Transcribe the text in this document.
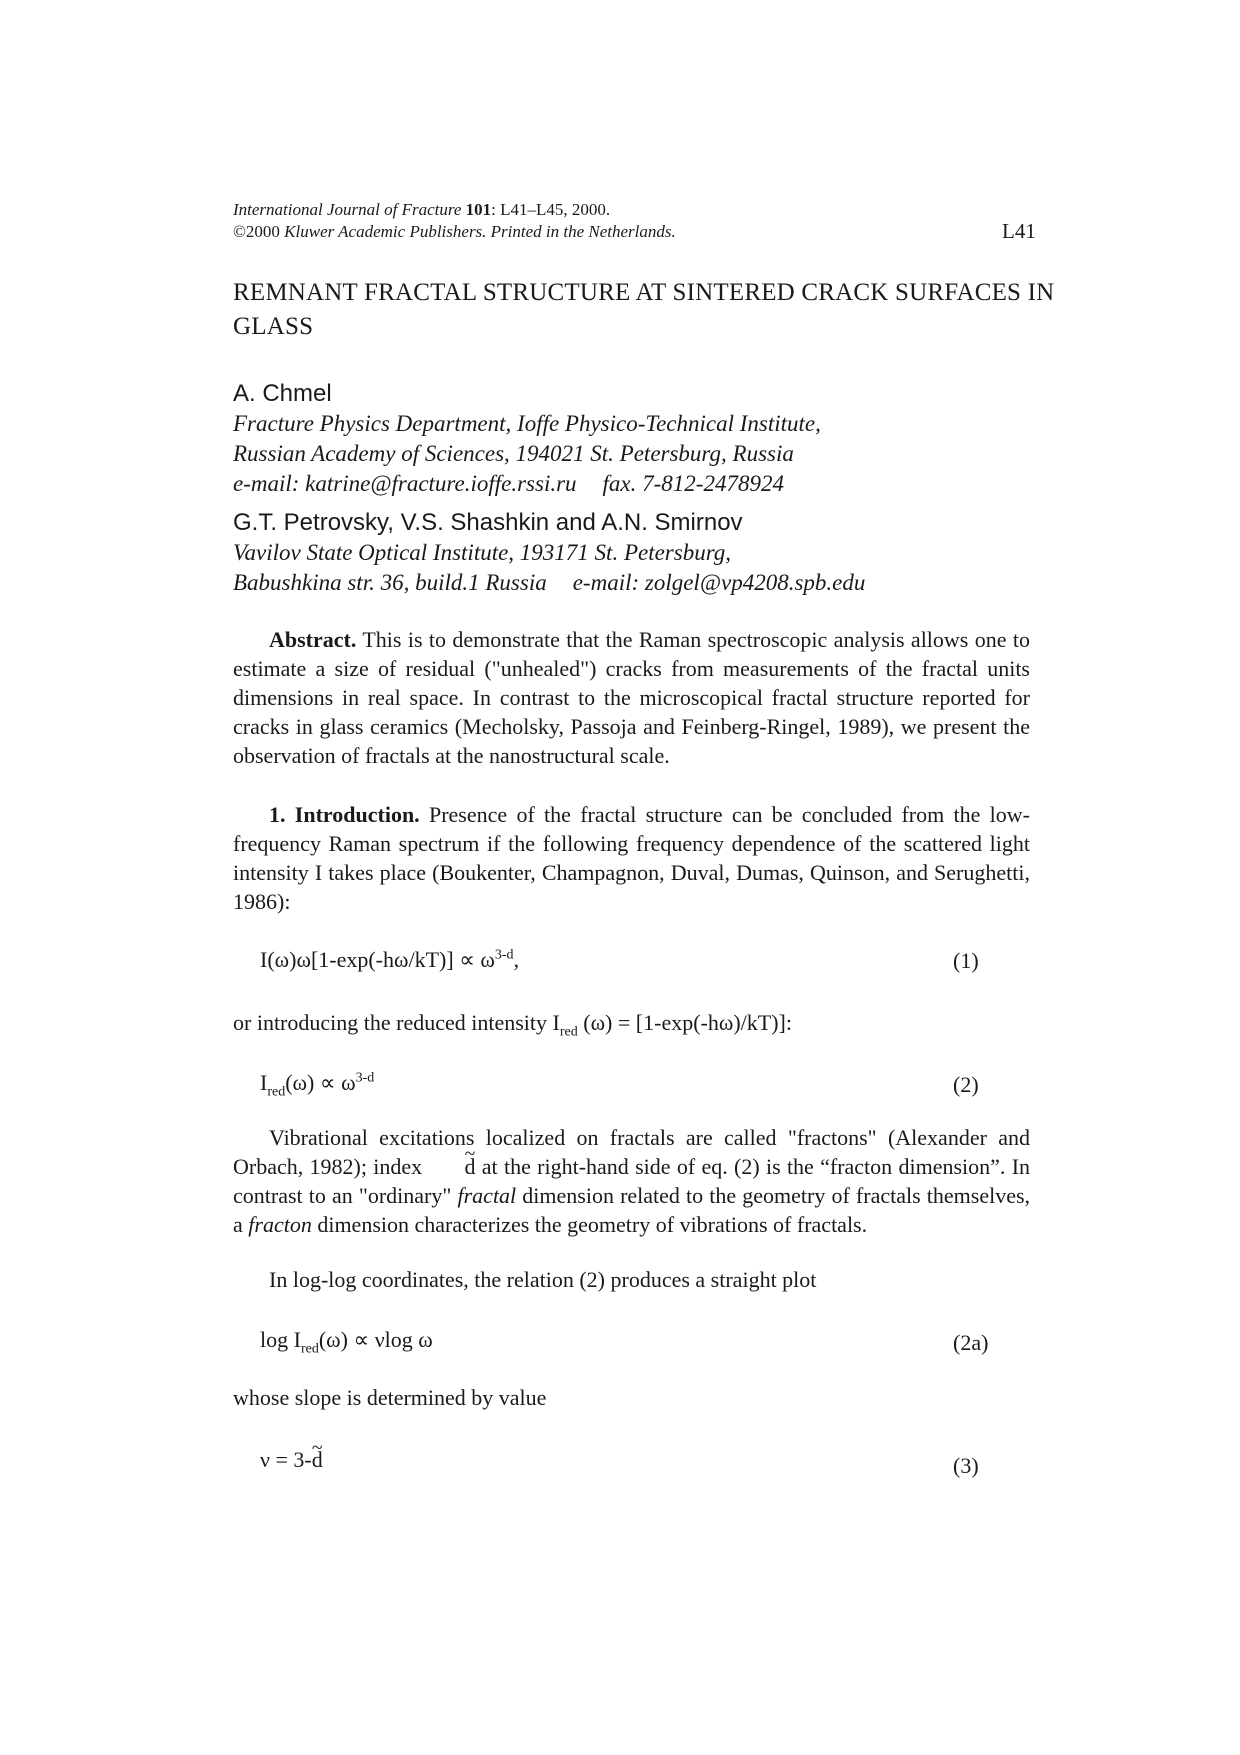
International Journal of Fracture 101: L41–L45, 2000.
©2000 Kluwer Academic Publishers. Printed in the Netherlands.	L41
REMNANT FRACTAL STRUCTURE AT SINTERED CRACK SURFACES IN
GLASS
A. Chmel
Fracture Physics Department, Ioffe Physico-Technical Institute,
Russian Academy of Sciences, 194021 St. Petersburg, Russia
e-mail: katrine@fracture.ioffe.rssi.ru fax. 7-812-2478924
G.T. Petrovsky, V.S. Shashkin and A.N. Smirnov
Vavilov State Optical Institute, 193171 St. Petersburg,
Babushkina str. 36, build.1 Russia e-mail: zolgel@vp4208.spb.edu
Abstract. This is to demonstrate that the Raman spectroscopic analysis allows one to estimate a size of residual ("unhealed") cracks from measurements of the fractal units dimensions in real space. In contrast to the microscopical fractal structure reported for cracks in glass ceramics (Mecholsky, Passoja and Feinberg-Ringel, 1989), we present the observation of fractals at the nanostructural scale.
1. Introduction. Presence of the fractal structure can be concluded from the low-frequency Raman spectrum if the following frequency dependence of the scattered light intensity I takes place (Boukenter, Champagnon, Duval, Dumas, Quinson, and Serughetti, 1986):
$I(\omega)\omega[1-\exp(-h\omega/kT)] \propto \omega^{3-d}$,	(1)
or introducing the reduced intensity $I_{red}$ (ω) = [1-exp(-hω)/kT)]:
$I_{red}(\omega) \propto \omega^{3-d}$	(2)
Vibrational excitations localized on fractals are called "fractons" (Alexander and Orbach, 1982); index ~ d at the right-hand side of eq. (2) is the “fracton dimension”. In contrast to an "ordinary" fractal dimension related to the geometry of fractals themselves, a fracton dimension characterizes the geometry of vibrations of fractals.
In log-log coordinates, the relation (2) produces a straight plot
$\log I_{red}(\omega) \propto \nu\log$ ω	(2a)
whose slope is determined by value
ν = 3-~ d	(3)
